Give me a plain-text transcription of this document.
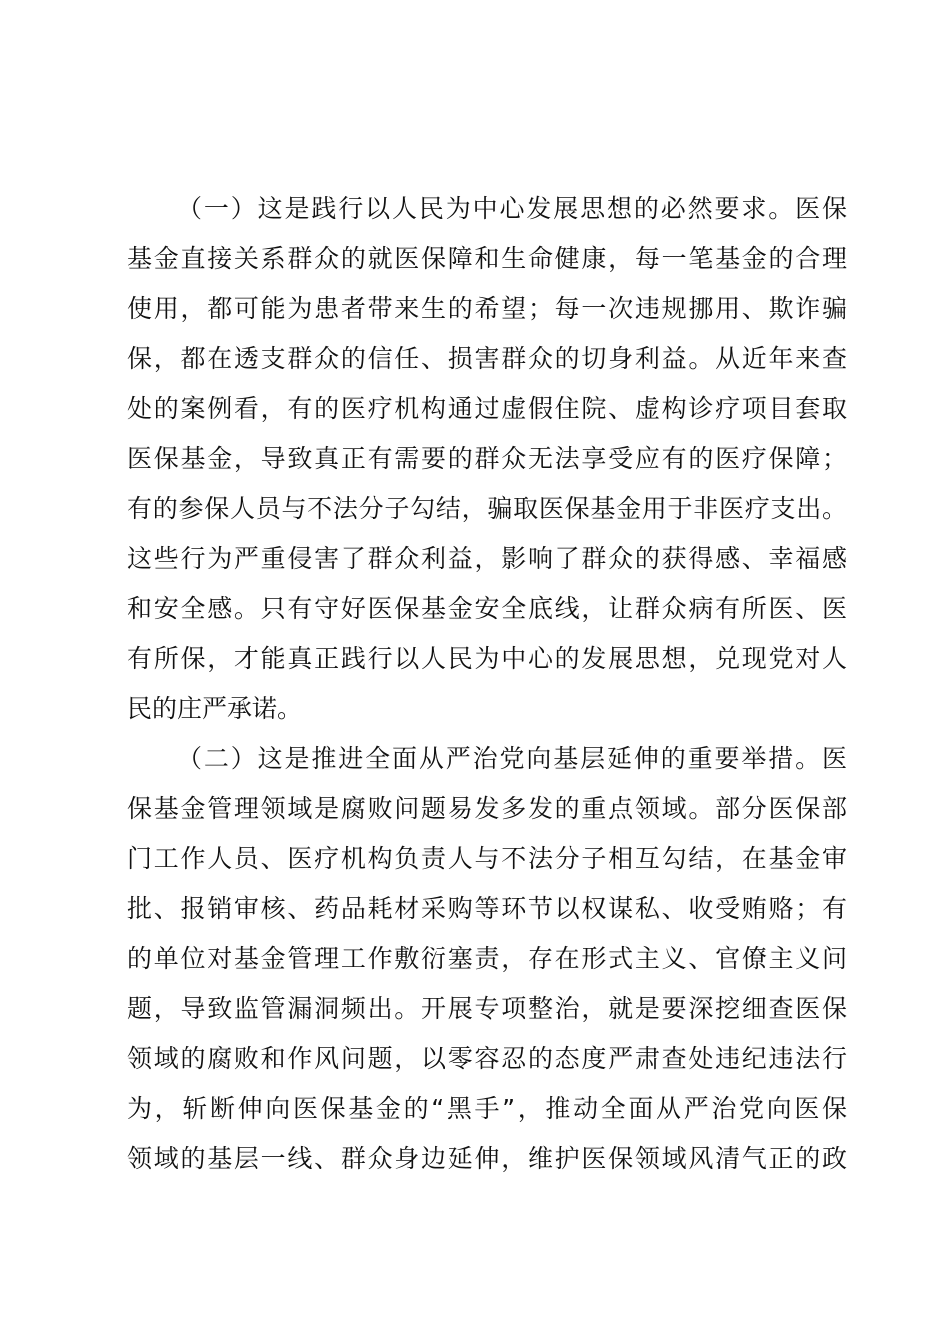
（一）这是践行以人民为中心发展思想的必然要求。医保
基金直接关系群众的就医保障和生命健康，每一笔基金的合理
使用，都可能为患者带来生的希望；每一次违规挪用、欺诈骗
保，都在透支群众的信任、损害群众的切身利益。从近年来查
处的案例看，有的医疗机构通过虚假住院、虚构诊疗项目套取
医保基金，导致真正有需要的群众无法享受应有的医疗保障；
有的参保人员与不法分子勾结，骗取医保基金用于非医疗支出。
这些行为严重侵害了群众利益，影响了群众的获得感、幸福感
和安全感。只有守好医保基金安全底线，让群众病有所医、医
有所保，才能真正践行以人民为中心的发展思想，兑现党对人
民的庄严承诺。
（二）这是推进全面从严治党向基层延伸的重要举措。医
保基金管理领域是腐败问题易发多发的重点领域。部分医保部
门工作人员、医疗机构负责人与不法分子相互勾结，在基金审
批、报销审核、药品耗材采购等环节以权谋私、收受贿赂；有
的单位对基金管理工作敷衍塞责，存在形式主义、官僚主义问
题，导致监管漏洞频出。开展专项整治，就是要深挖细查医保
领域的腐败和作风问题，以零容忍的态度严肃查处违纪违法行
为，斩断伸向医保基金的“黑手”，推动全面从严治党向医保
领域的基层一线、群众身边延伸，维护医保领域风清气正的政
